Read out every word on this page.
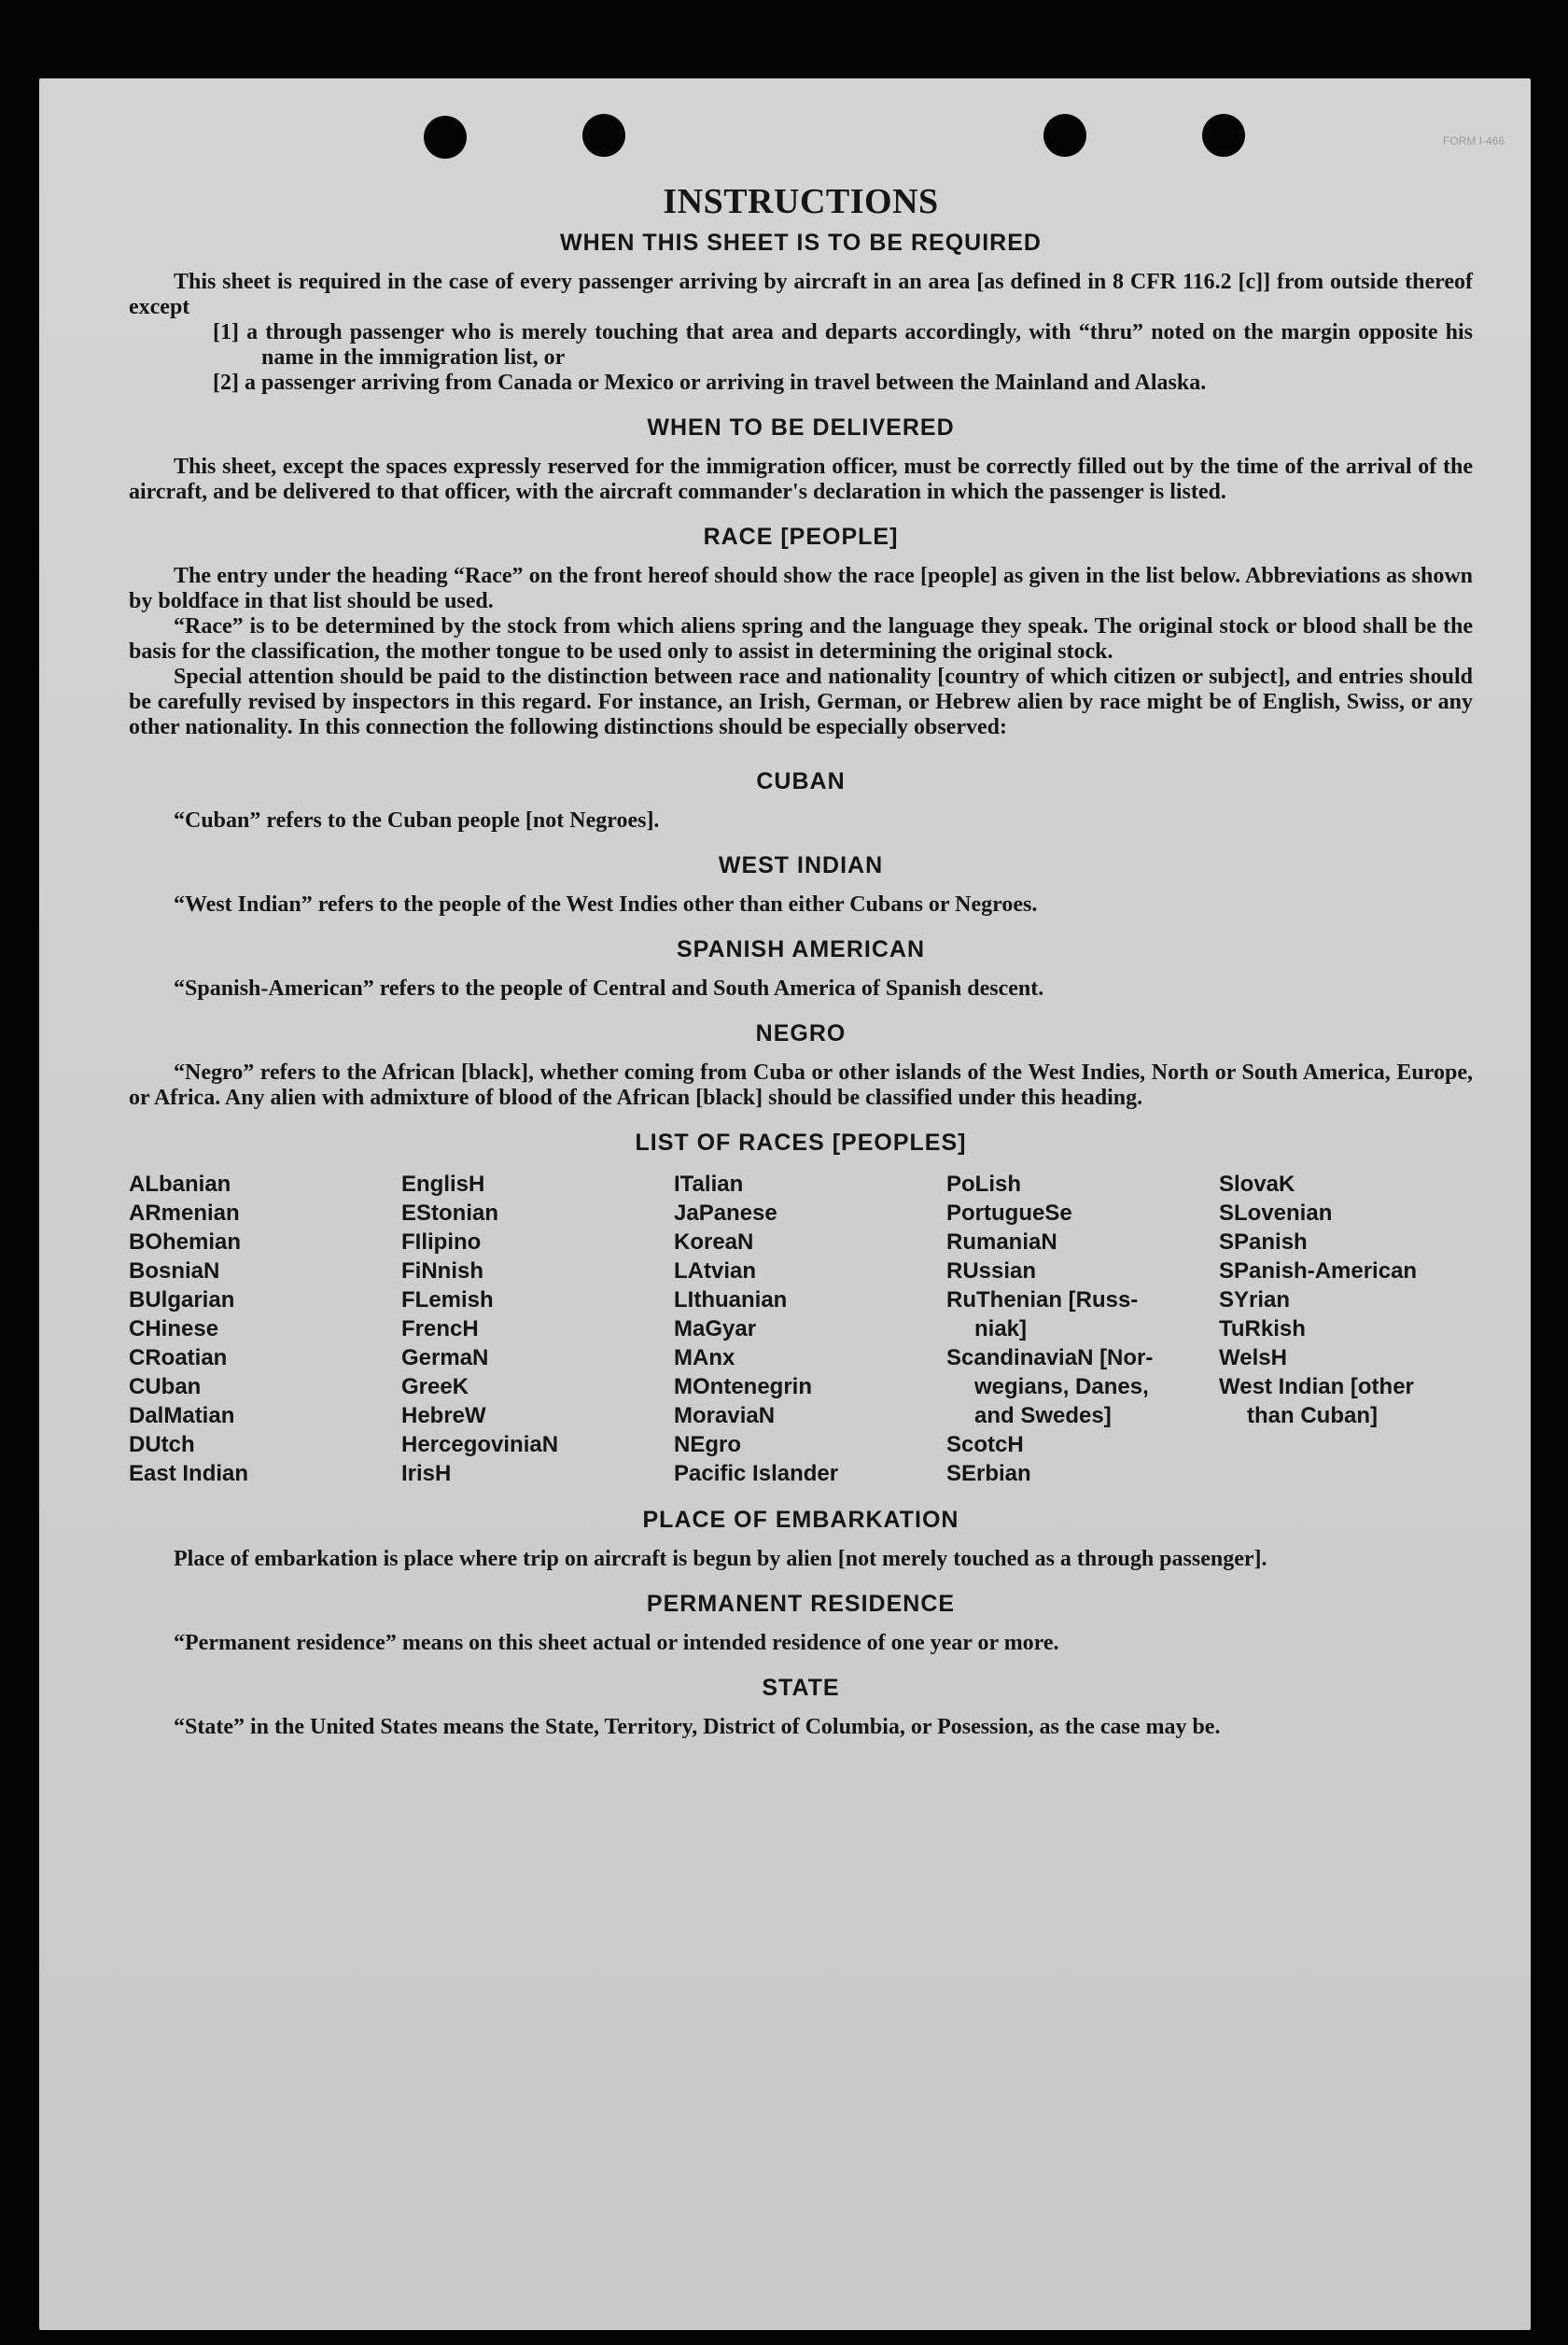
FORM I-466
INSTRUCTIONS
WHEN THIS SHEET IS TO BE REQUIRED

This sheet is required in the case of every passenger arriving by aircraft in an area [as defined in 8 CFR 116.2 [c]] from outside thereof except

[1] a through passenger who is merely touching that area and departs accordingly, with “thru” noted on the margin opposite his name in the immigration list, or

[2] a passenger arriving from Canada or Mexico or arriving in travel between the Mainland and Alaska.

WHEN TO BE DELIVERED

This sheet, except the spaces expressly reserved for the immigration officer, must be correctly filled out by the time of the arrival of the aircraft, and be delivered to that officer, with the aircraft commander's declaration in which the passenger is listed.

RACE [PEOPLE]

The entry under the heading “Race” on the front hereof should show the race [people] as given in the list below. Abbreviations as shown by boldface in that list should be used.

“Race” is to be determined by the stock from which aliens spring and the language they speak. The original stock or blood shall be the basis for the classification, the mother tongue to be used only to assist in determining the original stock.

Special attention should be paid to the distinction between race and nationality [country of which citizen or subject], and entries should be carefully revised by inspectors in this regard. For instance, an Irish, German, or Hebrew alien by race might be of English, Swiss, or any other nationality. In this connection the following distinctions should be especially observed:

CUBAN

“Cuban” refers to the Cuban people [not Negroes].

WEST INDIAN

“West Indian” refers to the people of the West Indies other than either Cubans or Negroes.

SPANISH AMERICAN

“Spanish-American” refers to the people of Central and South America of Spanish descent.

NEGRO

“Negro” refers to the African [black], whether coming from Cuba or other islands of the West Indies, North or South America, Europe, or Africa. Any alien with admixture of blood of the African [black] should be classified under this heading.

LIST OF RACES [PEOPLES]
ALbanian
ARmenian
BOhemian
BosniaN
BUlgarian
CHinese
CRoatian
CUban
DalMatian
DUtch
East Indian
EnglisH
EStonian
FIlipino
FiNnish
FLemish
FrencH
GermaN
GreeK
HebreW
HercegoviniaN
IrisH
ITalian
JaPanese
KoreaN
LAtvian
LIthuanian
MaGyar
MAnx
MOntenegrin
MoraviaN
NEgro
Pacific Islander
PoLish
PortugueSe
RumaniaN
RUssian
RuThenian [Russ-
niak]
ScandinaviaN [Nor-
wegians, Danes,
and Swedes]
ScotcH
SErbian
SlovaK
SLovenian
SPanish
SPanish-American
SYrian
TuRkish
WelsH
West Indian [other
than Cuban]
PLACE OF EMBARKATION

Place of embarkation is place where trip on aircraft is begun by alien [not merely touched as a through passenger].

PERMANENT RESIDENCE

“Permanent residence” means on this sheet actual or intended residence of one year or more.

STATE

“State” in the United States means the State, Territory, District of Columbia, or Posession, as the case may be.
